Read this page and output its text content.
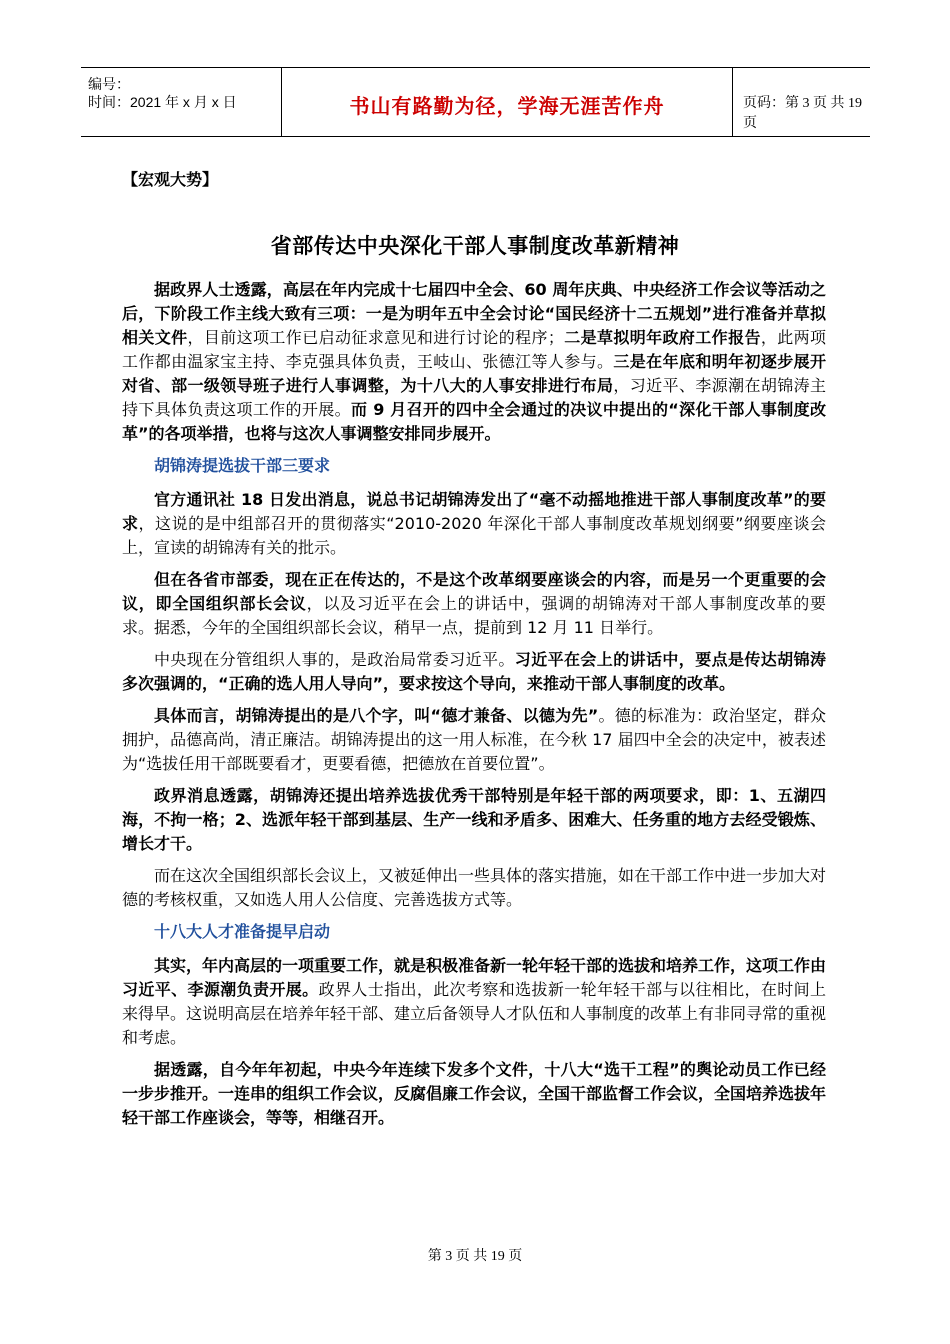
编号：
时间：2021 年 x 月 x 日	书山有路勤为径，学海无涯苦作舟	页码：第 3 页 共 19 页
【宏观大势】
省部传达中央深化干部人事制度改革新精神

据政界人士透露，高层在年内完成十七届四中全会、60 周年庆典、中央经济工作会议等活动之后，下阶段工作主线大致有三项：一是为明年五中全会讨论“国民经济十二五规划”进行准备并草拟相关文件，目前这项工作已启动征求意见和进行讨论的程序；二是草拟明年政府工作报告，此两项工作都由温家宝主持、李克强具体负责，王岐山、张德江等人参与。三是在年底和明年初逐步展开对省、部一级领导班子进行人事调整，为十八大的人事安排进行布局，习近平、李源潮在胡锦涛主持下具体负责这项工作的开展。而 9 月召开的四中全会通过的决议中提出的“深化干部人事制度改革”的各项举措，也将与这次人事调整安排同步展开。

胡锦涛提选拔干部三要求

官方通讯社 18 日发出消息，说总书记胡锦涛发出了“毫不动摇地推进干部人事制度改革”的要求，这说的是中组部召开的贯彻落实“2010-2020 年深化干部人事制度改革规划纲要”纲要座谈会上，宣读的胡锦涛有关的批示。

但在各省市部委，现在正在传达的，不是这个改革纲要座谈会的内容，而是另一个更重要的会议，即全国组织部长会议，以及习近平在会上的讲话中，强调的胡锦涛对干部人事制度改革的要求。据悉，今年的全国组织部长会议，稍早一点，提前到 12 月 11 日举行。

中央现在分管组织人事的，是政治局常委习近平。习近平在会上的讲话中，要点是传达胡锦涛多次强调的，“正确的选人用人导向”，要求按这个导向，来推动干部人事制度的改革。

具体而言，胡锦涛提出的是八个字，叫“德才兼备、以德为先”。德的标准为：政治坚定，群众拥护，品德高尚，清正廉洁。胡锦涛提出的这一用人标准，在今秋 17 届四中全会的决定中，被表述为“选拔任用干部既要看才，更要看德，把德放在首要位置”。

政界消息透露，胡锦涛还提出培养选拔优秀干部特别是年轻干部的两项要求，即：1、五湖四海，不拘一格；2、选派年轻干部到基层、生产一线和矛盾多、困难大、任务重的地方去经受锻炼、增长才干。

而在这次全国组织部长会议上，又被延伸出一些具体的落实措施，如在干部工作中进一步加大对德的考核权重，又如选人用人公信度、完善选拔方式等。

十八大人才准备提早启动

其实，年内高层的一项重要工作，就是积极准备新一轮年轻干部的选拔和培养工作，这项工作由习近平、李源潮负责开展。政界人士指出，此次考察和选拔新一轮年轻干部与以往相比，在时间上来得早。这说明高层在培养年轻干部、建立后备领导人才队伍和人事制度的改革上有非同寻常的重视和考虑。

据透露，自今年年初起，中央今年连续下发多个文件，十八大“选干工程”的舆论动员工作已经一步步推开。一连串的组织工作会议，反腐倡廉工作会议，全国干部监督工作会议，全国培养选拔年轻干部工作座谈会，等等，相继召开。

第 3 页 共 19 页
